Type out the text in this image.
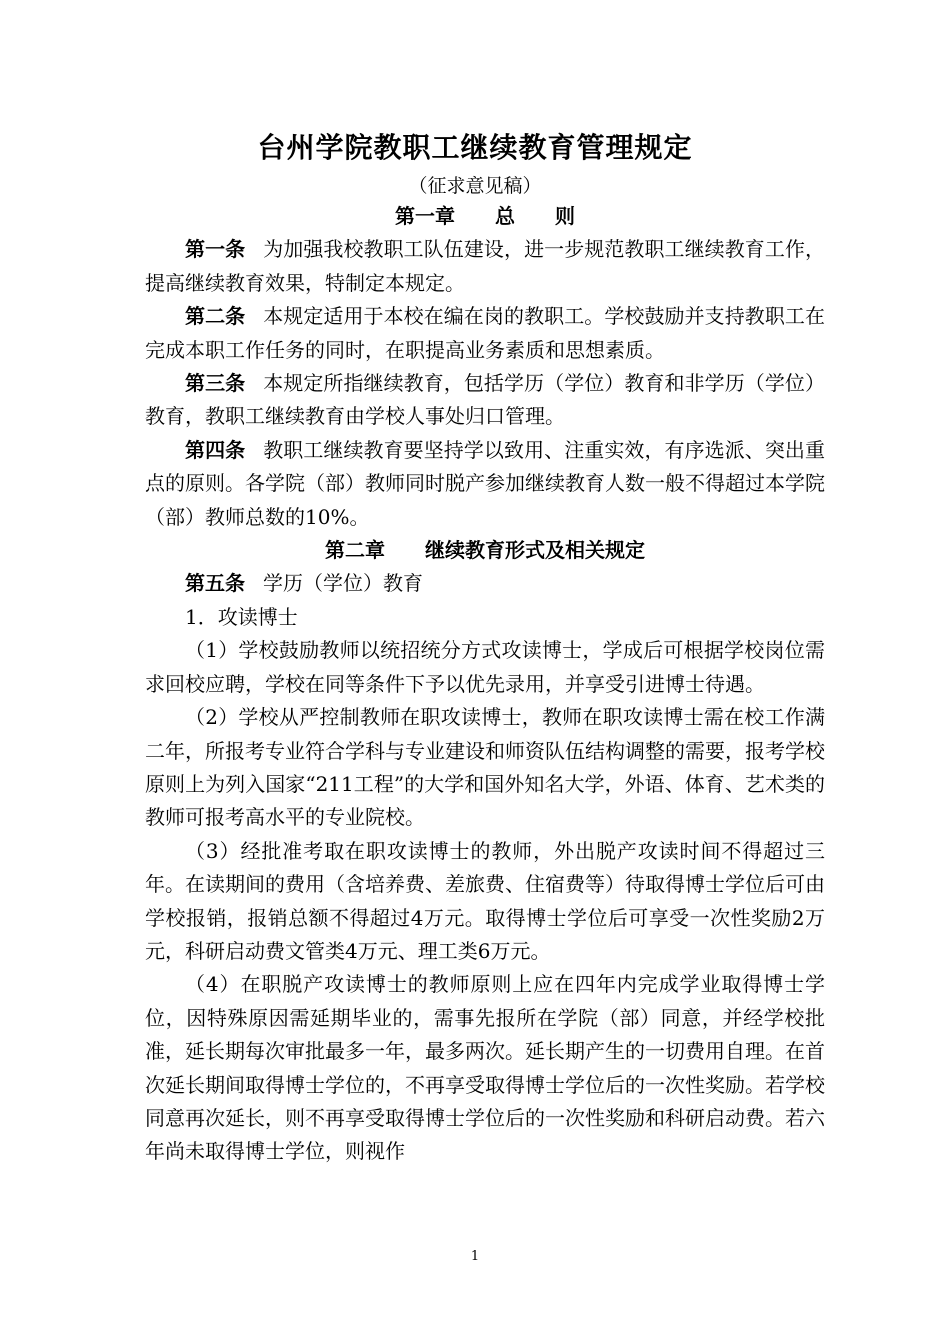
台州学院教职工继续教育管理规定
（征求意见稿）

第一章　　总　　则

第一条 为加强我校教职工队伍建设，进一步规范教职工继续教育工作，提高继续教育效果，特制定本规定。

第二条 本规定适用于本校在编在岗的教职工。学校鼓励并支持教职工在完成本职工作任务的同时，在职提高业务素质和思想素质。

第三条 本规定所指继续教育，包括学历（学位）教育和非学历（学位）教育，教职工继续教育由学校人事处归口管理。

第四条 教职工继续教育要坚持学以致用、注重实效，有序选派、突出重点的原则。各学院（部）教师同时脱产参加继续教育人数一般不得超过本学院（部）教师总数的10%。

第二章　　继续教育形式及相关规定

第五条 学历（学位）教育

1．攻读博士

（1）学校鼓励教师以统招统分方式攻读博士，学成后可根据学校岗位需求回校应聘，学校在同等条件下予以优先录用，并享受引进博士待遇。

（2）学校从严控制教师在职攻读博士，教师在职攻读博士需在校工作满二年，所报考专业符合学科与专业建设和师资队伍结构调整的需要，报考学校原则上为列入国家“211工程”的大学和国外知名大学，外语、体育、艺术类的教师可报考高水平的专业院校。

（3）经批准考取在职攻读博士的教师，外出脱产攻读时间不得超过三年。在读期间的费用（含培养费、差旅费、住宿费等）待取得博士学位后可由学校报销，报销总额不得超过4万元。取得博士学位后可享受一次性奖励2万元，科研启动费文管类4万元、理工类6万元。

（4）在职脱产攻读博士的教师原则上应在四年内完成学业取得博士学位，因特殊原因需延期毕业的，需事先报所在学院（部）同意，并经学校批准，延长期每次审批最多一年，最多两次。延长期产生的一切费用自理。在首次延长期间取得博士学位的，不再享受取得博士学位后的一次性奖励。若学校同意再次延长，则不再享受取得博士学位后的一次性奖励和科研启动费。若六年尚未取得博士学位，则视作

1
